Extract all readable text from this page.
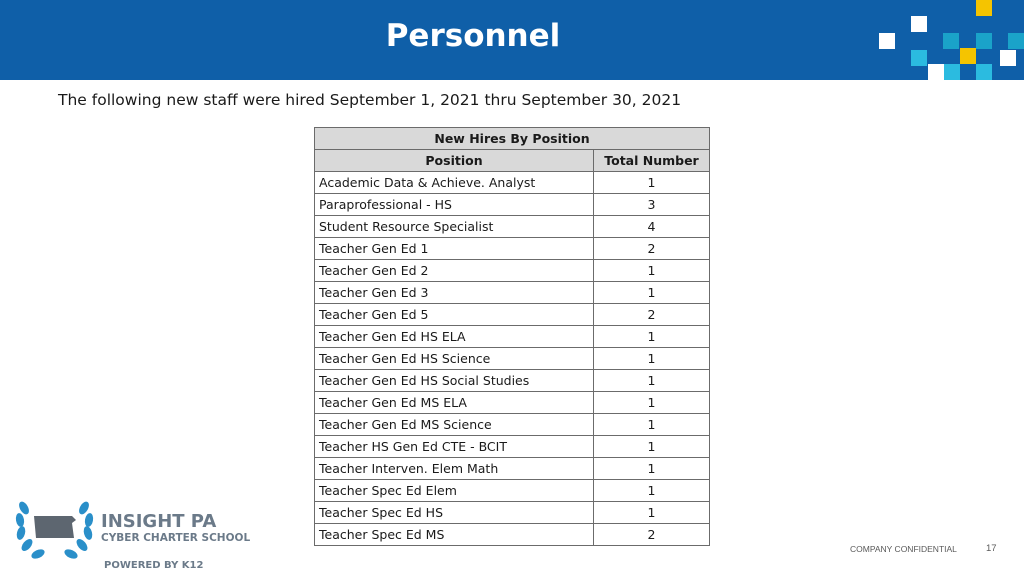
Personnel
The following new staff were hired September 1, 2021 thru September 30, 2021
New Hires By Position	
Position	Total Number
Academic Data & Achieve. Analyst	1
Paraprofessional - HS	3
Student Resource Specialist	4
Teacher Gen Ed 1	2
Teacher Gen Ed 2	1
Teacher Gen Ed 3	1
Teacher Gen Ed 5	2
Teacher Gen Ed HS ELA	1
Teacher Gen Ed HS Science	1
Teacher Gen Ed HS Social Studies	1
Teacher Gen Ed MS ELA	1
Teacher Gen Ed MS Science	1
Teacher HS Gen Ed CTE - BCIT	1
Teacher Interven. Elem Math	1
Teacher Spec Ed Elem	1
Teacher Spec Ed HS	1
Teacher Spec Ed MS	2
INSIGHT PA
CYBER CHARTER SCHOOL
POWERED BY K12
COMPANY CONFIDENTIAL	17
